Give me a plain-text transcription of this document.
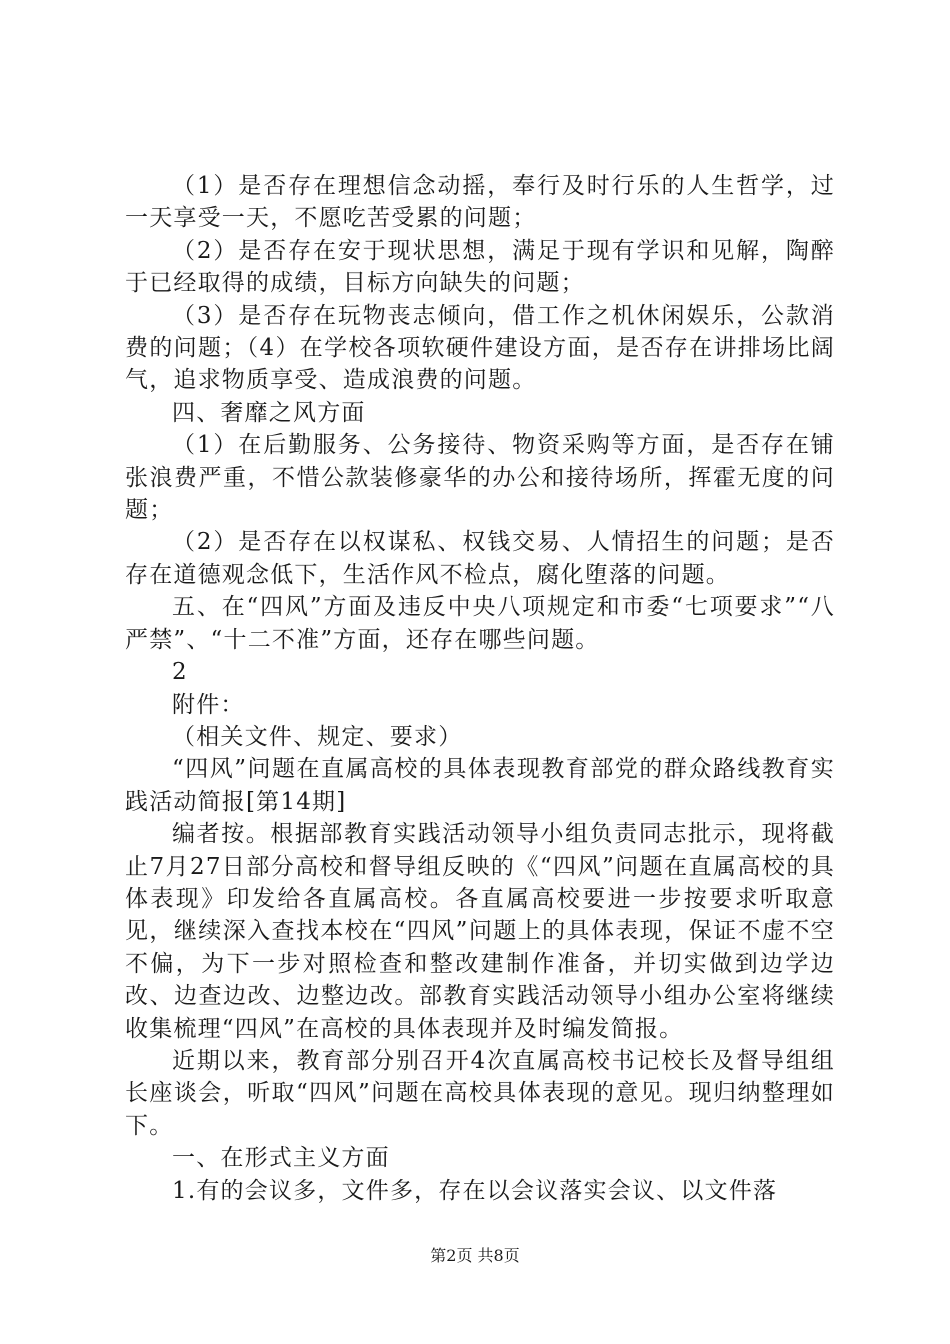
（1）是否存在理想信念动摇，奉行及时行乐的人生哲学，过一天享受一天，不愿吃苦受累的问题；

（2）是否存在安于现状思想，满足于现有学识和见解，陶醉于已经取得的成绩，目标方向缺失的问题；

（3）是否存在玩物丧志倾向，借工作之机休闲娱乐，公款消费的问题；（4）在学校各项软硬件建设方面，是否存在讲排场比阔气，追求物质享受、造成浪费的问题。

四、奢靡之风方面

（1）在后勤服务、公务接待、物资采购等方面，是否存在铺张浪费严重，不惜公款装修豪华的办公和接待场所，挥霍无度的问题；

（2）是否存在以权谋私、权钱交易、人情招生的问题；是否存在道德观念低下，生活作风不检点，腐化堕落的问题。

五、在“四风”方面及违反中央八项规定和市委“七项要求”“八严禁”、“十二不准”方面，还存在哪些问题。

2

附件：

（相关文件、规定、要求）

“四风”问题在直属高校的具体表现教育部党的群众路线教育实践活动简报[第14期]

编者按。根据部教育实践活动领导小组负责同志批示，现将截止7月27日部分高校和督导组反映的《“四风”问题在直属高校的具体表现》印发给各直属高校。各直属高校要进一步按要求听取意见，继续深入查找本校在“四风”问题上的具体表现，保证不虚不空不偏，为下一步对照检查和整改建制作准备，并切实做到边学边改、边查边改、边整边改。部教育实践活动领导小组办公室将继续收集梳理“四风”在高校的具体表现并及时编发简报。

近期以来，教育部分别召开4次直属高校书记校长及督导组组长座谈会，听取“四风”问题在高校具体表现的意见。现归纳整理如下。

一、在形式主义方面

1.有的会议多，文件多，存在以会议落实会议、以文件落

第2页 共8页
